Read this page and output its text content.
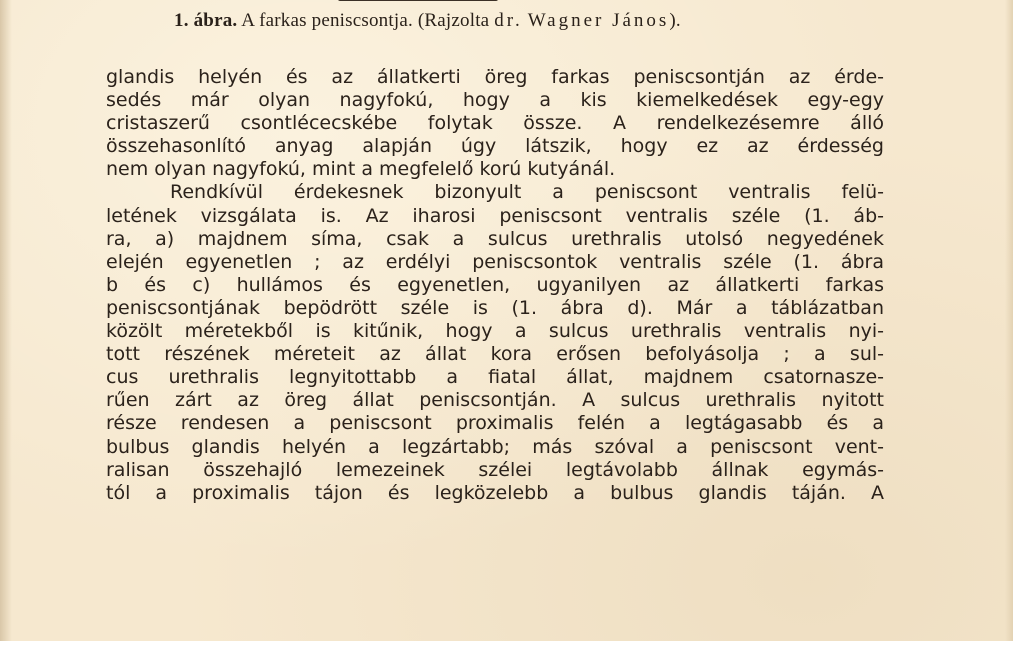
1. ábra. A farkas peniscsontja. (Rajzolta dr. Wagner János).
glandis helyén és az állatkerti öreg farkas peniscsontján az érde-
sedés már olyan nagyfokú, hogy a kis kiemelkedések egy-egy
cristaszerű csontlécecskébe folytak össze. A rendelkezésemre álló
összehasonlító anyag alapján úgy látszik, hogy ez az érdesség
nem olyan nagyfokú, mint a megfelelő korú kutyánál.
Rendkívül érdekesnek bizonyult a peniscsont ventralis felü-
letének vizsgálata is. Az iharosi peniscsont ventralis széle (1. áb-
ra, a) majdnem síma, csak a sulcus urethralis utolsó negyedének
elején egyenetlen ; az erdélyi peniscsontok ventralis széle (1. ábra
b és c) hullámos és egyenetlen, ugyanilyen az állatkerti farkas
peniscsontjának bepödrött széle is (1. ábra d). Már a táblázatban
közölt méretekből is kitűnik, hogy a sulcus urethralis ventralis nyi-
tott részének méreteit az állat kora erősen befolyásolja ; a sul-
cus urethralis legnyitottabb a fiatal állat, majdnem csatornasze-
rűen zárt az öreg állat peniscsontján. A sulcus urethralis nyitott
része rendesen a peniscsont proximalis felén a legtágasabb és a
bulbus glandis helyén a legzártabb; más szóval a peniscsont vent-
ralisan összehajló lemezeinek szélei legtávolabb állnak egymás-
tól a proximalis tájon és legközelebb a bulbus glandis táján. A
